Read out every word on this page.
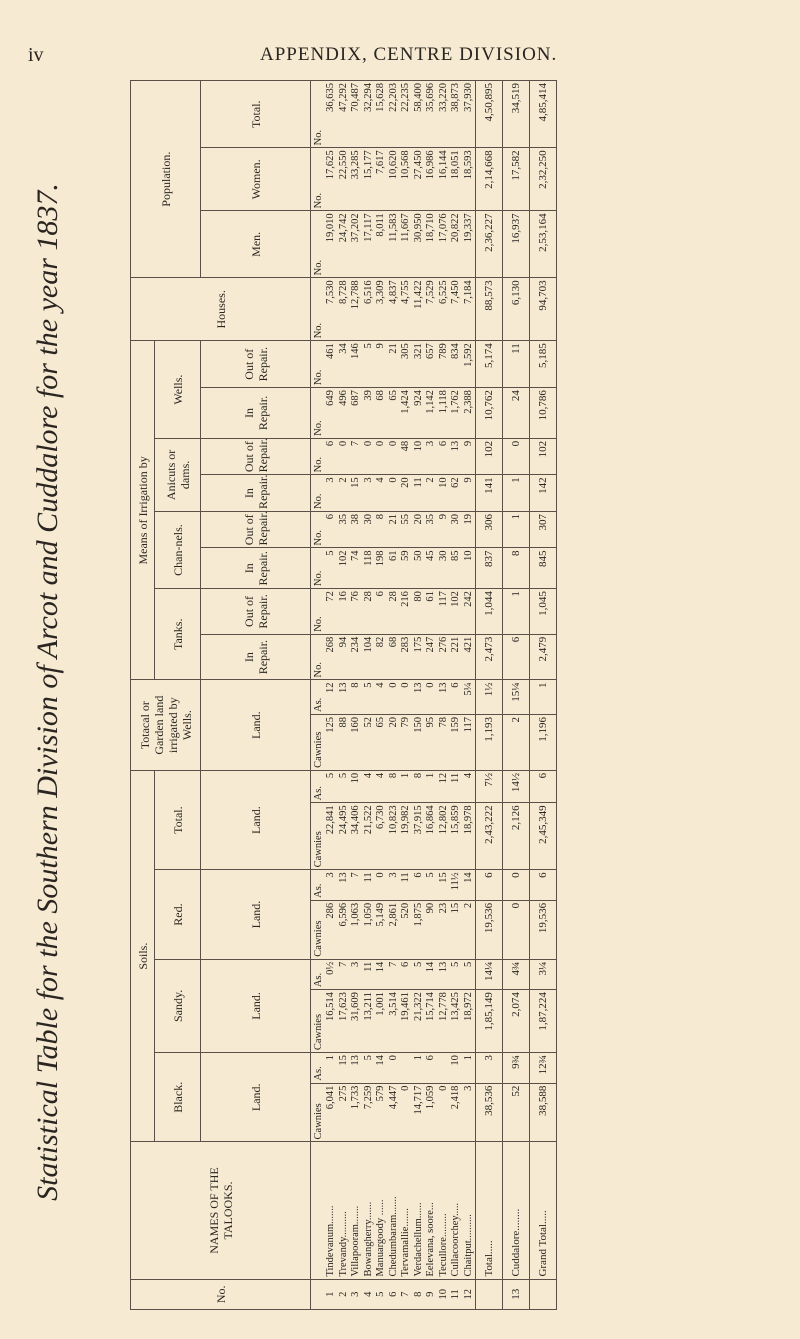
iv	APPENDIX, CENTRE DIVISION.
Statistical Table for the Southern Division of Arcot and Cuddalore for the year 1837.
No.	NAMES OF THE TALOOKS.	Soils.								Totacal or Garden land irrigated by Wells.		Means of Irrigation by								Houses.	Population.		
		Black.		Sandy.		Red.		Total.				Tanks.		Chan-nels.		Anicuts or dams.		Wells.					
		Land.		Land.		Land.		Land.		Land.		In Repair.	Out of Repair.	In Repair.	Out of Repair.	In Repair.	Out of Repair.	In Repair.	Out of Repair.		Men.	Women.	Total.
		Cawnies	As.	Cawnies	As.	Cawnies	As.	Cawnies	As.	Cawnies	As.	No.	No.	No.	No.	No.	No.	No.	No.	No.	No.	No.	No.
1	Tindevanum.......	6,041	1	16,514	0½	286	3	22,841	5	125	12	268	72	5	6	3	6	649	461	7,530	19,010	17,625	36,635
2	Trevandy..........	275	15	17,623	7	6,596	13	24,495	5	88	13	94	16	102	35	2	0	496	34	8,728	24,742	22,550	47,292
3	Villapooram.......	1,733	13	31,609	3	1,063	7	34,406	10	160	8	234	76	74	38	15	7	687	146	12,788	37,202	33,285	70,487
4	Bowangherry.......	7,259	5	13,211	11	1,050	11	21,522	4	52	5	104	28	118	30	3	0	39	5	6,516	17,117	15,177	32,294
5	Manuargoody ......	579	14	1,001	14	5,149	0	6,730	4	65	4	82	6	198	8	4	0	68	9	3,309	8,011	7,617	15,628
6	Chedumbaram.......	4,447	0	3,514	7	2,861	3	10,823	8	20	0	68	28	61	21	0	0	65	21	4,837	11,583	10,620	22,203
7	Tervamallie.......	0		19,461	6	520	11	19,982	1	79	0	283	216	59	55	20	48	1,424	305	4,755	11,667	10,568	22,235
8	Verdachellum......	14,717	1	21,322	5	1,875	6	37,915	8	150	13	175	80	50	20	11	10	924	321	11,422	30,950	27,450	58,400
9	Eelevana, soore...	1,059	6	15,714	14	90	5	16,864	1	95	0	247	61	45	35	2	3	1,142	657	7,529	18,710	16,986	35,696
10	Tecullore.........	0		12,778	13	23	15	12,802	12	78	13	276	117	30	9	10	6	1,118	789	6,525	17,076	16,144	33,220
11	Cullacoorchey.....	2,418	10	13,425	5	15	11½	15,859	11	159	6	221	102	85	30	62	13	1,762	834	7,450	20,822	18,051	38,873
12	Chaitput..........	3	1	18,972	5	2	14	18,978	4	117	5¼	421	242	10	19	9	9	2,388	1,592	7,184	19,337	18,593	37,930
	Total.....	38,536	3	1,85,149	14¼	19,536	6	2,43,222	7½	1,193	1½	2,473	1,044	837	306	141	102	10,762	5,174	88,573	2,36,227	2,14,668	4,50,895
13	Cuddalore........	52	9¾	2,074	4¾	0	0	2,126	14½	2	15¼	6	1	8	1	1	0	24	11	6,130	16,937	17,582	34,519
	Grand Total.....	38,588	12¾	1,87,224	3¼	19,536	6	2,45,349	6	1,196	1	2,479	1,045	845	307	142	102	10,786	5,185	94,703	2,53,164	2,32,250	4,85,414
